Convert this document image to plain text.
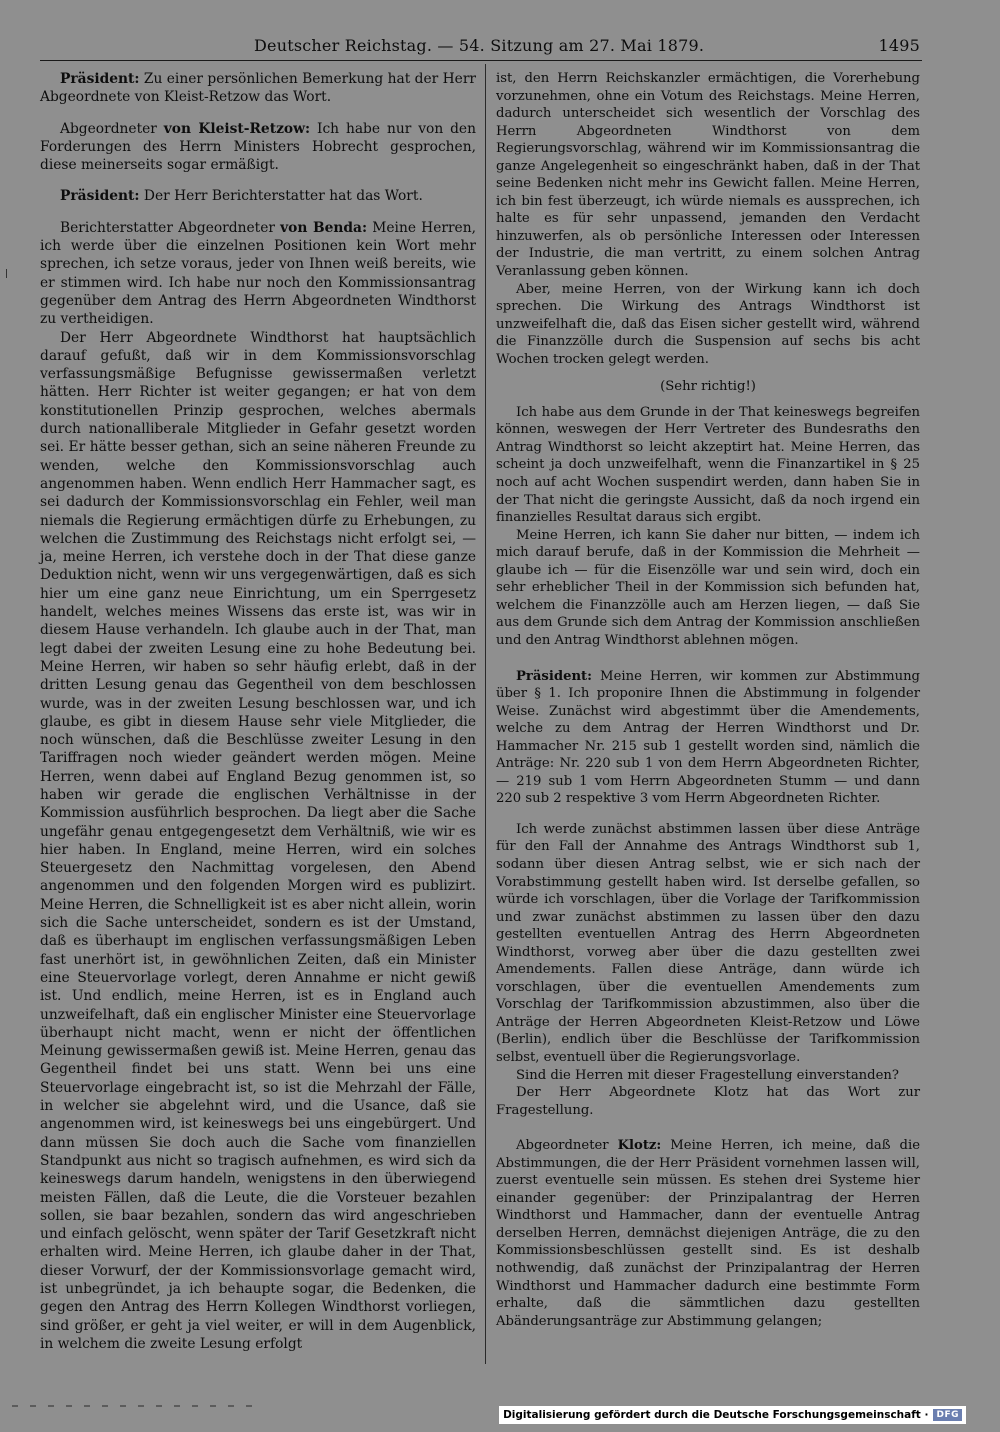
Deutscher Reichstag. — 54. Sitzung am 27. Mai 1879.	1495

Präsident: Zu einer persönlichen Bemerkung hat der Herr Abgeordnete von Kleist-Retzow das Wort.

Abgeordneter von Kleist-Retzow: Ich habe nur von den Forderungen des Herrn Ministers Hobrecht gesprochen, diese meinerseits sogar ermäßigt.

Präsident: Der Herr Berichterstatter hat das Wort.

Berichterstatter Abgeordneter von Benda: Meine Herren, ich werde über die einzelnen Positionen kein Wort mehr sprechen, ich setze voraus, jeder von Ihnen weiß bereits, wie er stimmen wird. Ich habe nur noch den Kommissionsantrag gegenüber dem Antrag des Herrn Abgeordneten Windthorst zu vertheidigen.

Der Herr Abgeordnete Windthorst hat hauptsächlich darauf gefußt, daß wir in dem Kommissionsvorschlag verfassungsmäßige Befugnisse gewissermaßen verletzt hätten. Herr Richter ist weiter gegangen; er hat von dem konstitutionellen Prinzip gesprochen, welches abermals durch nationalliberale Mitglieder in Gefahr gesetzt worden sei. Er hätte besser gethan, sich an seine näheren Freunde zu wenden, welche den Kommissionsvorschlag auch angenommen haben. Wenn endlich Herr Hammacher sagt, es sei dadurch der Kommissionsvorschlag ein Fehler, weil man niemals die Regierung ermächtigen dürfe zu Erhebungen, zu welchen die Zustimmung des Reichstags nicht erfolgt sei, — ja, meine Herren, ich verstehe doch in der That diese ganze Deduktion nicht, wenn wir uns vergegenwärtigen, daß es sich hier um eine ganz neue Einrichtung, um ein Sperrgesetz handelt, welches meines Wissens das erste ist, was wir in diesem Hause verhandeln. Ich glaube auch in der That, man legt dabei der zweiten Lesung eine zu hohe Bedeutung bei. Meine Herren, wir haben so sehr häufig erlebt, daß in der dritten Lesung genau das Gegentheil von dem beschlossen wurde, was in der zweiten Lesung beschlossen war, und ich glaube, es gibt in diesem Hause sehr viele Mitglieder, die noch wünschen, daß die Beschlüsse zweiter Lesung in den Tariffragen noch wieder geändert werden mögen. Meine Herren, wenn dabei auf England Bezug genommen ist, so haben wir gerade die englischen Verhältnisse in der Kommission ausführlich besprochen. Da liegt aber die Sache ungefähr genau entgegengesetzt dem Verhältniß, wie wir es hier haben. In England, meine Herren, wird ein solches Steuergesetz den Nachmittag vorgelesen, den Abend angenommen und den folgenden Morgen wird es publizirt. Meine Herren, die Schnelligkeit ist es aber nicht allein, worin sich die Sache unterscheidet, sondern es ist der Umstand, daß es überhaupt im englischen verfassungsmäßigen Leben fast unerhört ist, in gewöhnlichen Zeiten, daß ein Minister eine Steuervorlage vorlegt, deren Annahme er nicht gewiß ist. Und endlich, meine Herren, ist es in England auch unzweifelhaft, daß ein englischer Minister eine Steuervorlage überhaupt nicht macht, wenn er nicht der öffentlichen Meinung gewissermaßen gewiß ist. Meine Herren, genau das Gegentheil findet bei uns statt. Wenn bei uns eine Steuervorlage eingebracht ist, so ist die Mehrzahl der Fälle, in welcher sie abgelehnt wird, und die Usance, daß sie angenommen wird, ist keineswegs bei uns eingebürgert. Und dann müssen Sie doch auch die Sache vom finanziellen Standpunkt aus nicht so tragisch aufnehmen, es wird sich da keineswegs darum handeln, wenigstens in den überwiegend meisten Fällen, daß die Leute, die die Vorsteuer bezahlen sollen, sie baar bezahlen, sondern das wird angeschrieben und einfach gelöscht, wenn später der Tarif Gesetzkraft nicht erhalten wird. Meine Herren, ich glaube daher in der That, dieser Vorwurf, der der Kommissionsvorlage gemacht wird, ist unbegründet, ja ich behaupte sogar, die Bedenken, die gegen den Antrag des Herrn Kollegen Windthorst vorliegen, sind größer, er geht ja viel weiter, er will in dem Augenblick, in welchem die zweite Lesung erfolgt

ist, den Herrn Reichskanzler ermächtigen, die Vorerhebung vorzunehmen, ohne ein Votum des Reichstags. Meine Herren, dadurch unterscheidet sich wesentlich der Vorschlag des Herrn Abgeordneten Windthorst von dem Regierungsvorschlag, während wir im Kommissionsantrag die ganze Angelegenheit so eingeschränkt haben, daß in der That seine Bedenken nicht mehr ins Gewicht fallen. Meine Herren, ich bin fest überzeugt, ich würde niemals es aussprechen, ich halte es für sehr unpassend, jemanden den Verdacht hinzuwerfen, als ob persönliche Interessen oder Interessen der Industrie, die man vertritt, zu einem solchen Antrag Veranlassung geben können.

Aber, meine Herren, von der Wirkung kann ich doch sprechen. Die Wirkung des Antrags Windthorst ist unzweifelhaft die, daß das Eisen sicher gestellt wird, während die Finanzzölle durch die Suspension auf sechs bis acht Wochen trocken gelegt werden.

(Sehr richtig!)

Ich habe aus dem Grunde in der That keineswegs begreifen können, weswegen der Herr Vertreter des Bundesraths den Antrag Windthorst so leicht akzeptirt hat. Meine Herren, das scheint ja doch unzweifelhaft, wenn die Finanzartikel in § 25 noch auf acht Wochen suspendirt werden, dann haben Sie in der That nicht die geringste Aussicht, daß da noch irgend ein finanzielles Resultat daraus sich ergibt.

Meine Herren, ich kann Sie daher nur bitten, — indem ich mich darauf berufe, daß in der Kommission die Mehrheit — glaube ich — für die Eisenzölle war und sein wird, doch ein sehr erheblicher Theil in der Kommission sich befunden hat, welchem die Finanzzölle auch am Herzen liegen, — daß Sie aus dem Grunde sich dem Antrag der Kommission anschließen und den Antrag Windthorst ablehnen mögen.

Präsident: Meine Herren, wir kommen zur Abstimmung über § 1. Ich proponire Ihnen die Abstimmung in folgender Weise. Zunächst wird abgestimmt über die Amendements, welche zu dem Antrag der Herren Windthorst und Dr. Hammacher Nr. 215 sub 1 gestellt worden sind, nämlich die Anträge: Nr. 220 sub 1 von dem Herrn Abgeordneten Richter, — 219 sub 1 vom Herrn Abgeordneten Stumm — und dann 220 sub 2 respektive 3 vom Herrn Abgeordneten Richter.

Ich werde zunächst abstimmen lassen über diese Anträge für den Fall der Annahme des Antrags Windthorst sub 1, sodann über diesen Antrag selbst, wie er sich nach der Vorabstimmung gestellt haben wird. Ist derselbe gefallen, so würde ich vorschlagen, über die Vorlage der Tarifkommission und zwar zunächst abstimmen zu lassen über den dazu gestellten eventuellen Antrag des Herrn Abgeordneten Windthorst, vorweg aber über die dazu gestellten zwei Amendements. Fallen diese Anträge, dann würde ich vorschlagen, über die eventuellen Amendements zum Vorschlag der Tarifkommission abzustimmen, also über die Anträge der Herren Abgeordneten Kleist-Retzow und Löwe (Berlin), endlich über die Beschlüsse der Tarifkommission selbst, eventuell über die Regierungsvorlage.

Sind die Herren mit dieser Fragestellung einverstanden?

Der Herr Abgeordnete Klotz hat das Wort zur Fragestellung.

Abgeordneter Klotz: Meine Herren, ich meine, daß die Abstimmungen, die der Herr Präsident vornehmen lassen will, zuerst eventuelle sein müssen. Es stehen drei Systeme hier einander gegenüber: der Prinzipalantrag der Herren Windthorst und Hammacher, dann der eventuelle Antrag derselben Herren, demnächst diejenigen Anträge, die zu den Kommissionsbeschlüssen gestellt sind. Es ist deshalb nothwendig, daß zunächst der Prinzipalantrag der Herren Windthorst und Hammacher dadurch eine bestimmte Form erhalte, daß die sämmtlichen dazu gestellten Abänderungsanträge zur Abstimmung gelangen;

Digitalisierung gefördert durch die Deutsche Forschungsgemeinschaft · DFG
